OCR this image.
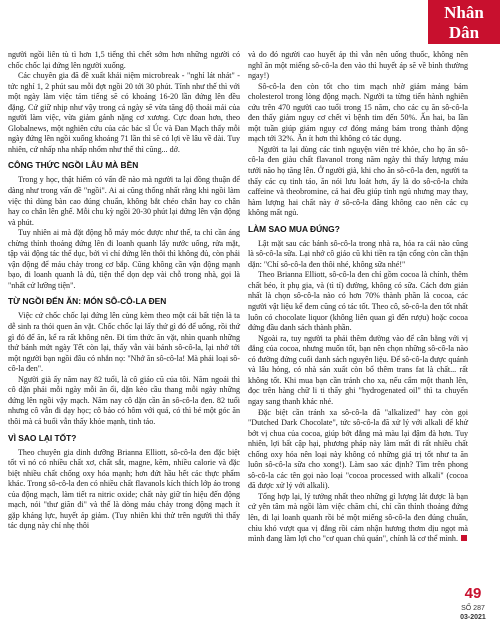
Nhân Dân
hằng tháng

người ngồi liên tù tì hơn 1,5 tiếng thì chết sớm hơn những người có chốc chốc lại đứng lên người xuống.

Các chuyên gia đã đề xuất khái niệm microbreak - "nghỉ lát nhát" - tức nghỉ 1, 2 phút sau mỗi đợt ngồi 20 tới 30 phút. Tính như thế thì với một ngày làm việc tám tiếng sẽ có khoảng 16-20 lần đứng lên đều đặng. Cứ giữ nhịp như vậy trong cả ngày sẽ vừa tăng độ thoải mái của người làm việc, vừa giảm gánh nặng cơ xương. Cực đoan hơn, theo Globalnews, một nghiên cứu của các bác sĩ Úc và Đan Mạch thấy mỗi ngày đứng lên ngồi xuống khoảng 71 lần thì sẽ có lợi về lâu về dài. Tuy nhiên, cứ nhấp nha nhấp nhổm như thế thì cũng... dở.

CÔNG THỨC NGỒI LÂU MÀ BỀN

Trong y học, thật hiếm có vấn đề nào mà người ta lại đồng thuận để dàng như trong vấn đề "ngồi". Ai ai cũng thống nhất rằng khi ngồi làm việc thì dùng bàn cao đúng chuẩn, không bắt chéo chân hay co chân hay co chân lên ghế. Mỗi chu kỳ ngồi 20-30 phút lại đứng lên vận động và phút.

Tuy nhiên ai mà đặt động hỗ máy móc được như thế, ta chỉ cần áng chừng thỉnh thoảng đứng lên đi loanh quanh lấy nước uống, rửa mặt, tập vài động tác thể dục, bởi vì chỉ đứng lên thôi thì không đủ, còn phải vận động để máu chảy trong cơ bắp. Cũng không cần vận động mạnh bạo, đi loanh quanh là đủ, tiện thể dọn dẹp vài chỗ trong nhà, gọi là "nhất cử lưỡng tiện".

TỪ NGỒI ĐẾN ĂN: MÓN SÔ-CÔ-LA ĐEN

Việc cứ chốc chốc lại đứng lên cùng kèm theo một cái bất tiện là ta dễ sinh ra thói quen ăn vặt. Chốc chốc lại lấy thứ gì đó để uống, rồi thứ gì đó để ăn, kể ra rất không nên. Đi tìm thức ăn vặt, nhìn quanh những thứ bánh mứt ngày Tết còn lại, thấy vẫn vài bánh sô-cô-la, lại nhớ tới một người bạn ngồi đâu có nhắn nọ: "Nhớ ăn sô-cô-la! Mà phải loại sô-cô-la đen".

Người già ấy năm nay 82 tuổi, là cô giáo cũ của tôi. Năm ngoái thì cô dặn phải mỗi ngày mỗi ăn ổi, dặn kèo cầu thang mỗi ngày những đứng lên ngồi vậy mạch. Năm nay cô dặn cần ăn sô-cô-la đen. 82 tuổi nhưng cô vẫn đi dạy học; cô bảo có hôm với quá, có thì bé một góc ăn thôi mà cả buổi vẫn thấy khỏe mạnh, tinh táo.

VÌ SAO LẠI TỐT?

Theo chuyên gia dinh dưỡng Brianna Elliott, sô-cô-la đen đặc biệt tốt vì nó có nhiều chất xơ, chất sắt, magne, kẽm, nhiều calorie và đặc biệt nhiều chất chống oxy hóa mạnh; hơn đứt hầu hết các thực phẩm khác. Trong sô-cô-la đen có nhiều chất flavanols kích thích lớp áo trong của động mạch, làm tiết ra nitric oxide; chất này giữ tín hiệu đến động mạch, nói "thư giãn đi" và thế là dòng máu chảy trong động mạch ít gặp kháng lực, huyết áp giảm. (Tuy nhiên khi thử trên người thì thấy tác dụng này chỉ nhẹ thôi

và do đó người cao huyết áp thì vẫn nên uống thuốc, không nên nghĩ ăn một miếng sô-cô-la đen vào thì huyết áp sẽ về bình thường ngay!)

Sô-cô-la đen còn tốt cho tim mạch nhờ giảm mảng bám cholesterol trong lòng động mạch. Người ta từng tiến hành nghiên cứu trên 470 người cao tuổi trong 15 năm, cho các cụ ăn sô-cô-la đen thấy giảm nguy cơ chết vì bệnh tim đến 50%. Ấn hai, ba lần một tuần giúp giảm nguy cơ đóng mảng bám trong thành động mạch tới 32%. Ăn ít hơn thì không có tác dụng.

Người ta lại dùng các tinh nguyện viên trẻ khỏe, cho họ ăn sô-cô-la đen giàu chất flavanol trong năm ngày thì thấy lượng máu tưới não họ tăng lên. Ở người già, khi cho ăn sô-cô-la đen, người ta thấy các cụ tinh táo, ăn nói lưu loát hơn, ấy là do sô-cô-la chứa caffeine và theobromine, cả hai đều giúp tỉnh ngủ nhưng may thay, hàm lượng hai chất này ở sô-cô-la đăng không cao nên các cụ không mất ngủ.

LÀM SAO MUA ĐÚNG?

Lật mặt sau các bánh sô-cô-la trong nhà ra, hóa ra cái nào cũng là sô-cô-la sữa. Lại nhớ cô giáo cũ khi tiền ra tận cổng còn cần thận dặn: "Chỉ sô-cô-la đen thôi nhé, không sữa nhé!"

Theo Brianna Elliott, sô-cô-la đen chỉ gồm cocoa là chính, thêm chất béo, ít phụ gia, và (tì tí) đường, không có sữa. Cách đơn giản nhất là chọn sô-cô-la nào có hơn 70% thành phần là cocoa, các người vật liệu kể đem cũng có tác tốt. Theo cô, sô-cô-la đen tốt nhất luôn có chocolate liquor (không liên quan gì đến rượu) hoặc cocoa đứng đầu danh sách thành phần.

Ngoài ra, tuy người ta phải thêm đường vào để cân bằng với vị đắng của cocoa, nhưng muốn tốt, bạn nên chọn những sô-cô-la nào có đường đứng cuối danh sách nguyên liệu. Để sô-cô-la được quánh và lâu hỏng, có nhà sản xuất còn bổ thêm trans fat là chất... rất không tốt. Khi mua bạn cần tránh cho xa, nếu cẩm một thanh lên, đọc trên hàng chữ li ti thấy ghi "hydrogenated oil" thì ta chuyển ngay sang thanh khác nhé.

Đặc biệt cần tránh xa sô-cô-la đã "alkalized" hay còn gọi "Dutched Dark Chocolate", tức sô-cô-la đã xử lý với alkali để khử bớt vị chua của cocoa, giúp bớt đắng mà màu lại đậm đà hơn. Tuy nhiên, lợi bất cập hại, phương pháp này làm mất đi rất nhiều chất chống oxy hóa nên loại này không có những giá trị tốt như ta ăn luôn sô-cô-la sữa cho xong!). Làm sao xác định? Tìm trên phong sô-cô-la các tên gọi nào loại "cocoa processed with alkali" (cocoa đã được xử lý với alkali).

Tổng hợp lại, lý tưởng nhất theo những gì lượng lát được là bạn cứ yên tâm mà ngồi làm việc chăm chỉ, chỉ cần thỉnh thoảng đứng lên, đi lại loanh quanh rồi bẻ một miếng sô-cô-la đen đúng chuẩn, chìu khó vượt qua vị đắng rồi cảm nhận hương thơm dịu ngọt mà mình đang làm lợi cho "cơ quan chủ quản", chính là cơ thể mình.

49
SỐ 287
03-2021
